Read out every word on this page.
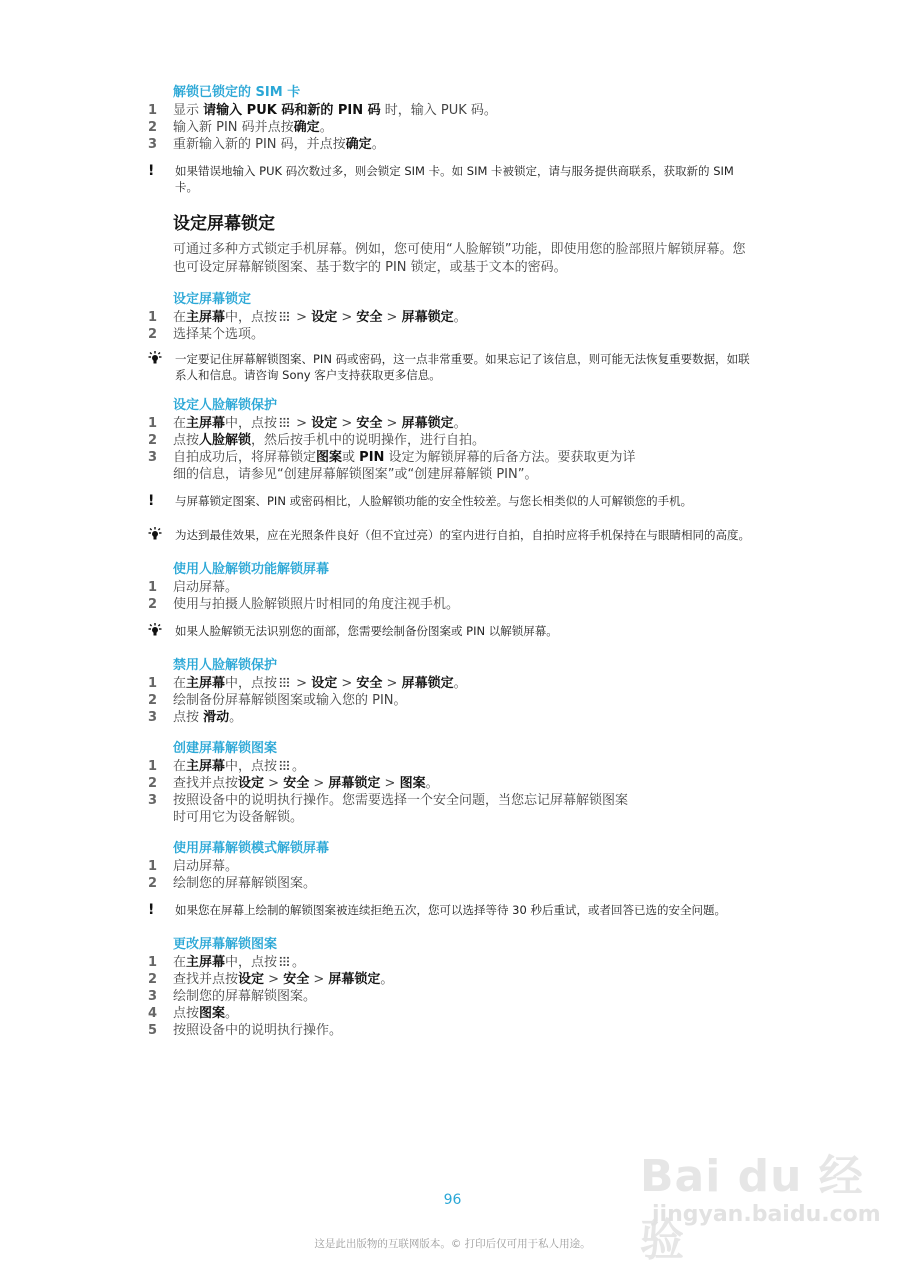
解锁已锁定的 SIM 卡
1 显示 请输入 PUK 码和新的 PIN 码 时，输入 PUK 码。
2 输入新 PIN 码并点按确定。
3 重新输入新的 PIN 码，并点按确定。
! 如果错误地输入 PUK 码次数过多，则会锁定 SIM 卡。如 SIM 卡被锁定，请与服务提供商联系，获取新的 SIM 卡。
设定屏幕锁定
可通过多种方式锁定手机屏幕。例如，您可使用“人脸解锁”功能，即使用您的脸部照片解锁屏幕。您也可设定屏幕解锁图案、基于数字的 PIN 锁定，或基于文本的密码。
设定屏幕锁定
1 在主屏幕中，点按 > 设定 > 安全 > 屏幕锁定。
2 选择某个选项。
一定要记住屏幕解锁图案、PIN 码或密码，这一点非常重要。如果忘记了该信息，则可能无法恢复重要数据，如联系人和信息。请咨询 Sony 客户支持获取更多信息。
设定人脸解锁保护
1 在主屏幕中，点按 > 设定 > 安全 > 屏幕锁定。
2 点按人脸解锁，然后按手机中的说明操作，进行自拍。
3 自拍成功后，将屏幕锁定图案或 PIN 设定为解锁屏幕的后备方法。要获取更为详
细的信息，请参见“创建屏幕解锁图案”或“创建屏幕解锁 PIN”。
! 与屏幕锁定图案、PIN 或密码相比，人脸解锁功能的安全性较差。与您长相类似的人可解锁您的手机。
为达到最佳效果，应在光照条件良好（但不宜过亮）的室内进行自拍，自拍时应将手机保持在与眼睛相同的高度。
使用人脸解锁功能解锁屏幕
1 启动屏幕。
2 使用与拍摄人脸解锁照片时相同的角度注视手机。
如果人脸解锁无法识别您的面部，您需要绘制备份图案或 PIN 以解锁屏幕。
禁用人脸解锁保护
1 在主屏幕中，点按 > 设定 > 安全 > 屏幕锁定。
2 绘制备份屏幕解锁图案或输入您的 PIN。
3 点按 滑动。
创建屏幕解锁图案
1 在主屏幕中，点按 。
2 查找并点按设定 > 安全 > 屏幕锁定 > 图案。
3 按照设备中的说明执行操作。您需要选择一个安全问题，当您忘记屏幕解锁图案
时可用它为设备解锁。
使用屏幕解锁模式解锁屏幕
1 启动屏幕。
2 绘制您的屏幕解锁图案。
! 如果您在屏幕上绘制的解锁图案被连续拒绝五次，您可以选择等待 30 秒后重试，或者回答已选的安全问题。
更改屏幕解锁图案
1 在主屏幕中，点按 。
2 查找并点按设定 > 安全 > 屏幕锁定。
3 绘制您的屏幕解锁图案。
4 点按图案。
5 按照设备中的说明执行操作。
96
这是此出版物的互联网版本。© 打印后仅可用于私人用途。
Bai du 经验
jingyan.baidu.com
